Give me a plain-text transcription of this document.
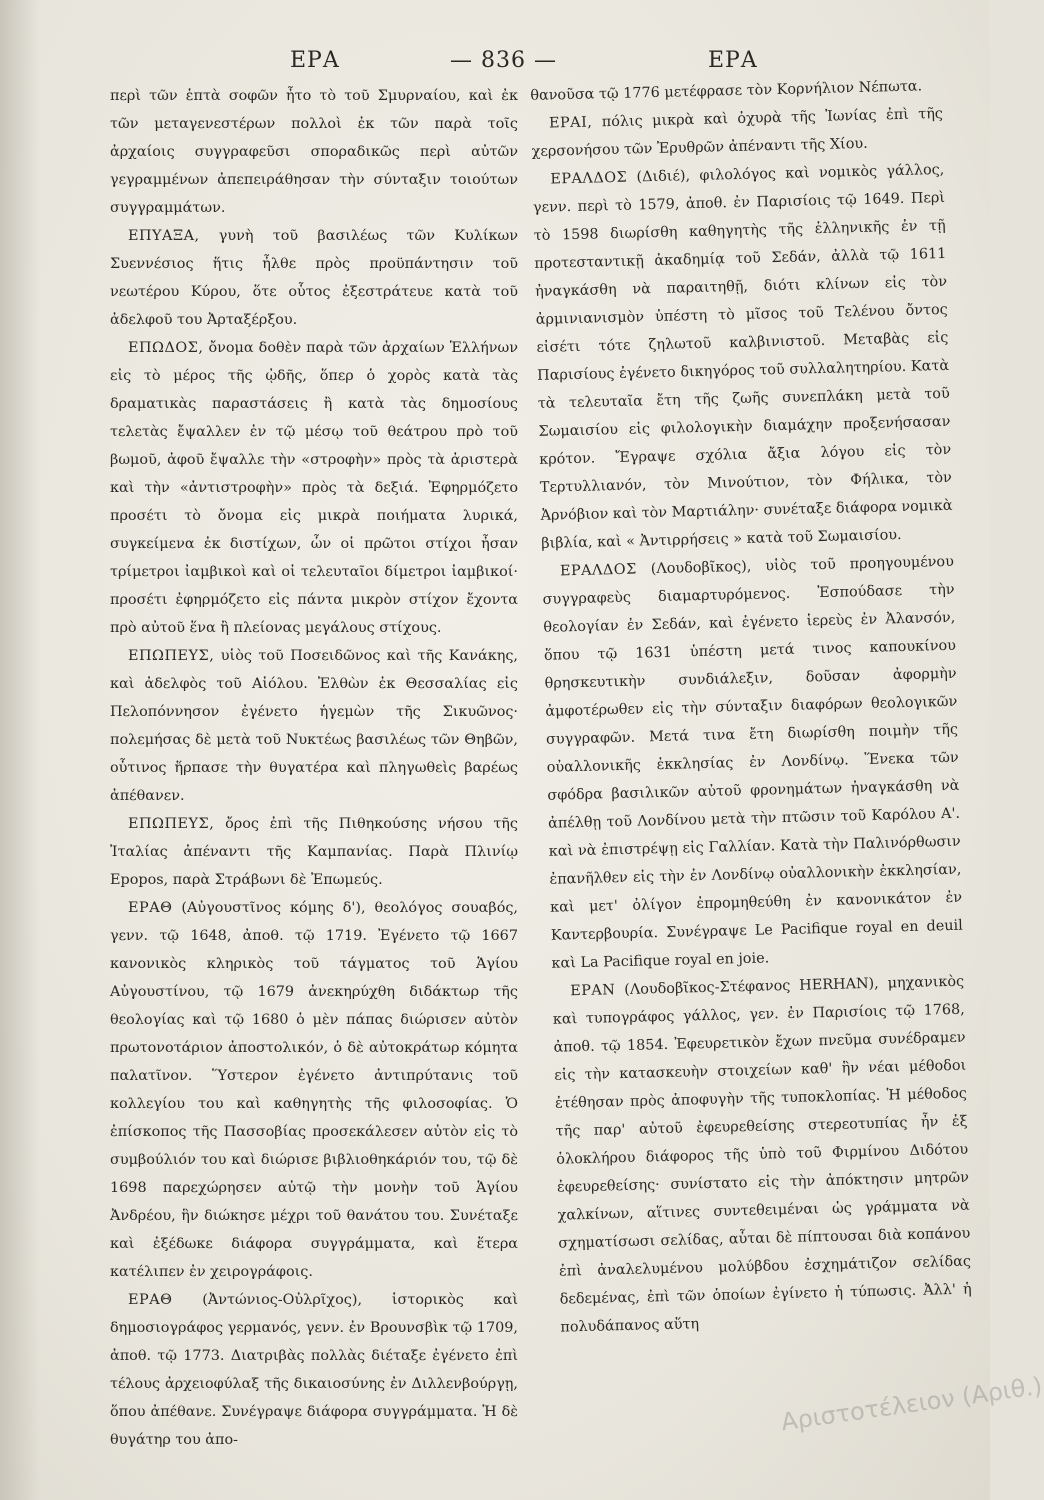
ΕΡΑ	— 836 —	ΕΡΑ

περὶ τῶν ἑπτὰ σοφῶν ἦτο τὸ τοῦ Σμυρναίου, καὶ ἐκ τῶν μεταγενεστέρων πολλοὶ ἐκ τῶν παρὰ τοῖς ἀρχαίοις συγγραφεῦσι σποραδικῶς περὶ αὐτῶν γεγραμμένων ἀπεπειράθησαν τὴν σύνταξιν τοιούτων συγγραμμάτων.

ΕΠΥΑΞΑ, γυνὴ τοῦ βασιλέως τῶν Κυλίκων Συεννέσιος ἥτις ἦλθε πρὸς προϋπάντησιν τοῦ νεωτέρου Κύρου, ὅτε οὗτος ἐξεστράτευε κατὰ τοῦ ἀδελφοῦ του Ἀρταξέρξου.

ΕΠΩΔΟΣ, ὄνομα δοθὲν παρὰ τῶν ἀρχαίων Ἑλλήνων εἰς τὸ μέρος τῆς ᾠδῆς, ὅπερ ὁ χορὸς κατὰ τὰς δραματικὰς παραστάσεις ἢ κατὰ τὰς δημοσίους τελετὰς ἔψαλλεν ἐν τῷ μέσῳ τοῦ θεάτρου πρὸ τοῦ βωμοῦ, ἀφοῦ ἔψαλλε τὴν «στροφὴν» πρὸς τὰ ἀριστερὰ καὶ τὴν «ἀντιστροφὴν» πρὸς τὰ δεξιά. Ἐφηρμόζετο προσέτι τὸ ὄνομα εἰς μικρὰ ποιήματα λυρικά, συγκείμενα ἐκ διστίχων, ὧν οἱ πρῶτοι στίχοι ἦσαν τρίμετροι ἰαμβικοὶ καὶ οἱ τελευταῖοι δίμετροι ἰαμβικοί· προσέτι ἐφηρμόζετο εἰς πάντα μικρὸν στίχον ἔχοντα πρὸ αὐτοῦ ἕνα ἢ πλείονας μεγάλους στίχους.

ΕΠΩΠΕΥΣ, υἱὸς τοῦ Ποσειδῶνος καὶ τῆς Κανάκης, καὶ ἀδελφὸς τοῦ Αἰόλου. Ἐλθὼν ἐκ Θεσσαλίας εἰς Πελοπόννησον ἐγένετο ἡγεμὼν τῆς Σικυῶνος· πολεμήσας δὲ μετὰ τοῦ Νυκτέως βασιλέως τῶν Θηβῶν, οὗτινος ἥρπασε τὴν θυγατέρα καὶ πληγωθεὶς βαρέως ἀπέθανεν.

ΕΠΩΠΕΥΣ, ὄρος ἐπὶ τῆς Πιθηκούσης νήσου τῆς Ἰταλίας ἀπέναντι τῆς Καμπανίας. Παρὰ Πλινίῳ Epopos, παρὰ Στράβωνι δὲ Ἐπωμεύς.

ΕΡΑΘ (Αὐγουστῖνος κόμης δ'), θεολόγος σουαβός, γενν. τῷ 1648, ἀποθ. τῷ 1719. Ἐγένετο τῷ 1667 κανονικὸς κληρικὸς τοῦ τάγματος τοῦ Ἁγίου Αὐγουστίνου, τῷ 1679 ἀνεκηρύχθη διδάκτωρ τῆς θεολογίας καὶ τῷ 1680 ὁ μὲν πάπας διώρισεν αὐτὸν πρωτονοτάριον ἀποστολικόν, ὁ δὲ αὐτοκράτωρ κόμητα παλατῖνον. Ὕστερον ἐγένετο ἀντιπρύτανις τοῦ κολλεγίου του καὶ καθηγητὴς τῆς φιλοσοφίας. Ὁ ἐπίσκοπος τῆς Πασσοβίας προσεκάλεσεν αὐτὸν εἰς τὸ συμβούλιόν του καὶ διώρισε βιβλιοθηκάριόν του, τῷ δὲ 1698 παρεχώρησεν αὐτῷ τὴν μονὴν τοῦ Ἁγίου Ἀνδρέου, ἣν διώκησε μέχρι τοῦ θανάτου του. Συνέταξε καὶ ἐξέδωκε διάφορα συγγράμματα, καὶ ἕτερα κατέλιπεν ἐν χειρογράφοις.

ΕΡΑΘ (Ἀντώνιος-Οὐλρῖχος), ἱστορικὸς καὶ δημοσιογράφος γερμανός, γενν. ἐν Βρουνσβὶκ τῷ 1709, ἀποθ. τῷ 1773. Διατριβὰς πολλὰς διέταξε ἐγένετο ἐπὶ τέλους ἀρχειοφύλαξ τῆς δικαιοσύνης ἐν Διλλενβούργῃ, ὅπου ἀπέθανε. Συνέγραψε διάφορα συγγράμματα. Ἡ δὲ θυγάτηρ του ἀπο-

θανοῦσα τῷ 1776 μετέφρασε τὸν Κορνήλιον Νέπωτα.

ΕΡΑΙ, πόλις μικρὰ καὶ ὀχυρὰ τῆς Ἰωνίας ἐπὶ τῆς χερσονήσου τῶν Ἐρυθρῶν ἀπέναντι τῆς Χίου.

ΕΡΑΛΔΟΣ (Διδιέ), φιλολόγος καὶ νομικὸς γάλλος, γενν. περὶ τὸ 1579, ἀποθ. ἐν Παρισίοις τῷ 1649. Περὶ τὸ 1598 διωρίσθη καθηγητὴς τῆς ἑλληνικῆς ἐν τῇ προτεσταντικῇ ἀκαδημίᾳ τοῦ Σεδάν, ἀλλὰ τῷ 1611 ἠναγκάσθη νὰ παραιτηθῇ, διότι κλίνων εἰς τὸν ἀρμινιανισμὸν ὑπέστη τὸ μῖσος τοῦ Τελένου ὄντος εἰσέτι τότε ζηλωτοῦ καλβινιστοῦ. Μεταβὰς εἰς Παρισίους ἐγένετο δικηγόρος τοῦ συλλαλητηρίου. Κατὰ τὰ τελευταῖα ἔτη τῆς ζωῆς συνεπλάκη μετὰ τοῦ Σωμαισίου εἰς φιλολογικὴν διαμάχην προξενήσασαν κρότον. Ἔγραψε σχόλια ἄξια λόγου εἰς τὸν Τερτυλλιανόν, τὸν Μινούτιον, τὸν Φήλικα, τὸν Ἀρνόβιον καὶ τὸν Μαρτιάλην· συνέταξε διάφορα νομικὰ βιβλία, καὶ « Ἀντιρρήσεις » κατὰ τοῦ Σωμαισίου.

ΕΡΑΛΔΟΣ (Λουδοβῖκος), υἱὸς τοῦ προηγουμένου συγγραφεὺς διαμαρτυρόμενος. Ἐσπούδασε τὴν θεολογίαν ἐν Σεδάν, καὶ ἐγένετο ἱερεὺς ἐν Ἀλανσόν, ὅπου τῷ 1631 ὑπέστη μετά τινος καπουκίνου θρησκευτικὴν συνδιάλεξιν, δοῦσαν ἀφορμὴν ἀμφοτέρωθεν εἰς τὴν σύνταξιν διαφόρων θεολογικῶν συγγραφῶν. Μετά τινα ἔτη διωρίσθη ποιμὴν τῆς οὐαλλονικῆς ἐκκλησίας ἐν Λονδίνῳ. Ἕνεκα τῶν σφόδρα βασιλικῶν αὐτοῦ φρονημάτων ἠναγκάσθη νὰ ἀπέλθῃ τοῦ Λονδίνου μετὰ τὴν πτῶσιν τοῦ Καρόλου Α'. καὶ νὰ ἐπιστρέψῃ εἰς Γαλλίαν. Κατὰ τὴν Παλινόρθωσιν ἐπανῆλθεν εἰς τὴν ἐν Λονδίνῳ οὐαλλονικὴν ἐκκλησίαν, καὶ μετ' ὀλίγον ἐπρομηθεύθη ἐν κανονικάτον ἐν Καντερβουρία. Συνέγραψε Le Pacifique royal en deuil καὶ La Pacifique royal en joie.

ΕΡΑΝ (Λουδοβῖκος-Στέφανος HERHAN), μηχανικὸς καὶ τυπογράφος γάλλος, γεν. ἐν Παρισίοις τῷ 1768, ἀποθ. τῷ 1854. Ἐφευρετικὸν ἔχων πνεῦμα συνέδραμεν εἰς τὴν κατασκευὴν στοιχείων καθ' ἣν νέαι μέθοδοι ἐτέθησαν πρὸς ἀποφυγὴν τῆς τυποκλοπίας. Ἡ μέθοδος τῆς παρ' αὐτοῦ ἐφευρεθείσης στερεοτυπίας ἦν ἐξ ὁλοκλήρου διάφορος τῆς ὑπὸ τοῦ Φιρμίνου Διδότου ἐφευρεθείσης· συνίστατο εἰς τὴν ἀπόκτησιν μητρῶν χαλκίνων, αἵτινες συντεθειμέναι ὡς γράμματα νὰ σχηματίσωσι σελίδας, αὗται δὲ πίπτουσαι διὰ κοπάνου ἐπὶ ἀναλελυμένου μολύβδου ἐσχημάτιζον σελίδας δεδεμένας, ἐπὶ τῶν ὁποίων ἐγίνετο ἡ τύπωσις. Ἀλλ' ἡ πολυδάπανος αὕτη

Αριστοτέλειον (Αριθ.)
